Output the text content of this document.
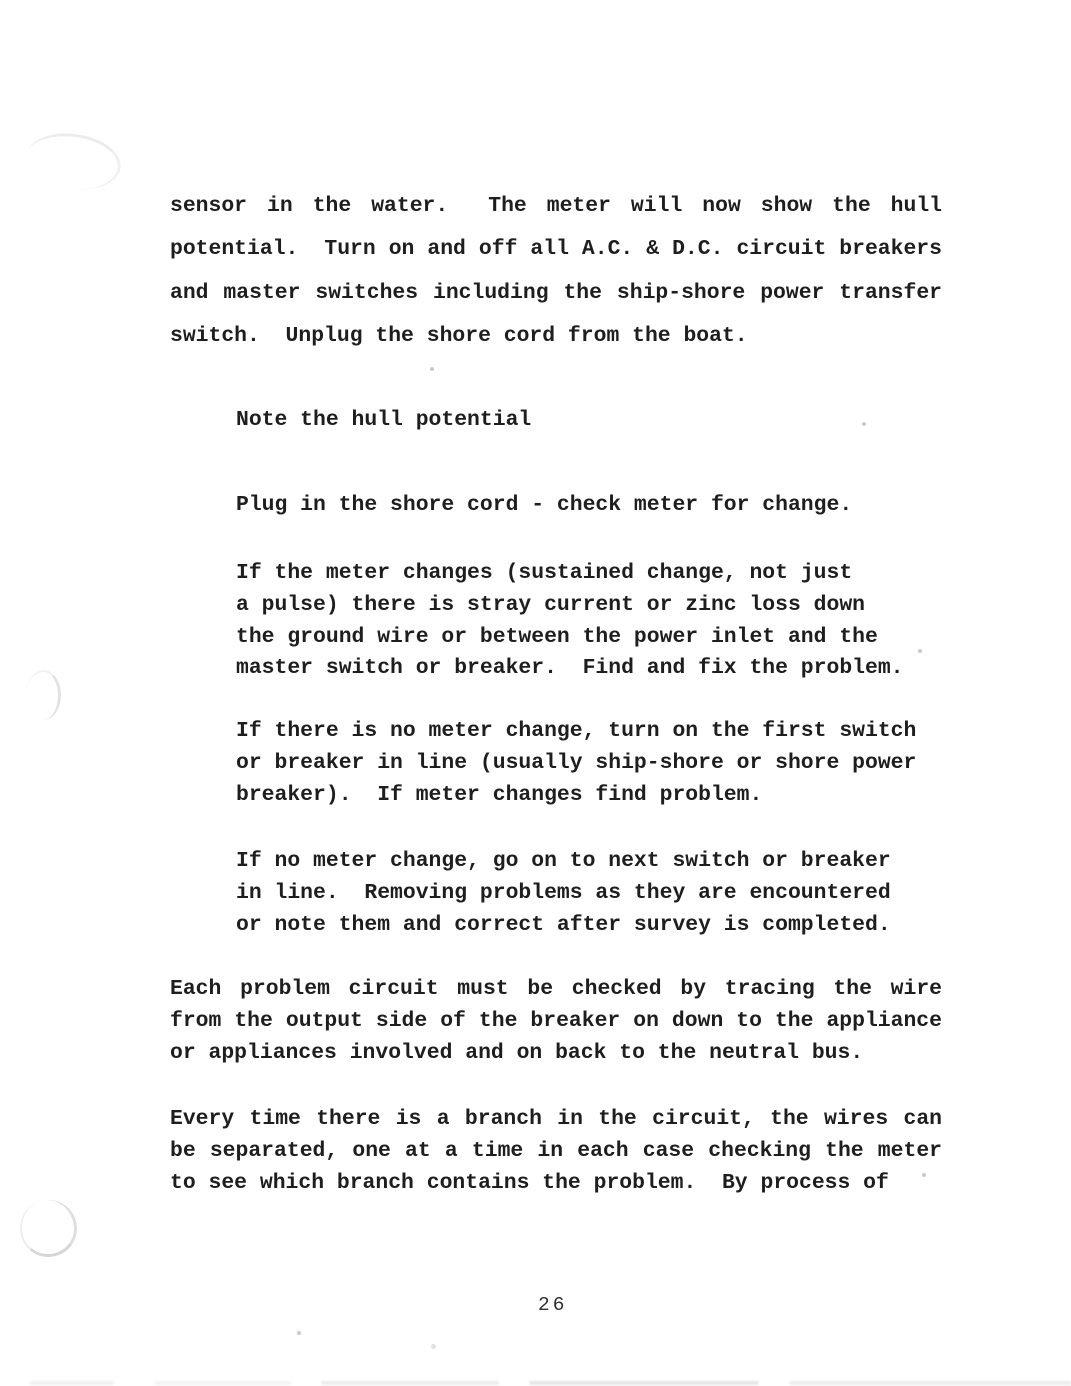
sensor in the water.  The meter will now show the hull
potential.  Turn on and off all A.C. & D.C. circuit breakers
and master switches including the ship-shore power transfer
switch.  Unplug the shore cord from the boat.
Note the hull potential
Plug in the shore cord - check meter for change.
If the meter changes (sustained change, not just
a pulse) there is stray current or zinc loss down
the ground wire or between the power inlet and the
master switch or breaker.  Find and fix the problem.
If there is no meter change, turn on the first switch
or breaker in line (usually ship-shore or shore power
breaker).  If meter changes find problem.
If no meter change, go on to next switch or breaker
in line.  Removing problems as they are encountered
or note them and correct after survey is completed.
Each problem circuit must be checked by tracing the wire
from the output side of the breaker on down to the appliance
or appliances involved and on back to the neutral bus.
Every time there is a branch in the circuit, the wires can
be separated, one at a time in each case checking the meter
to see which branch contains the problem.  By process of
26
